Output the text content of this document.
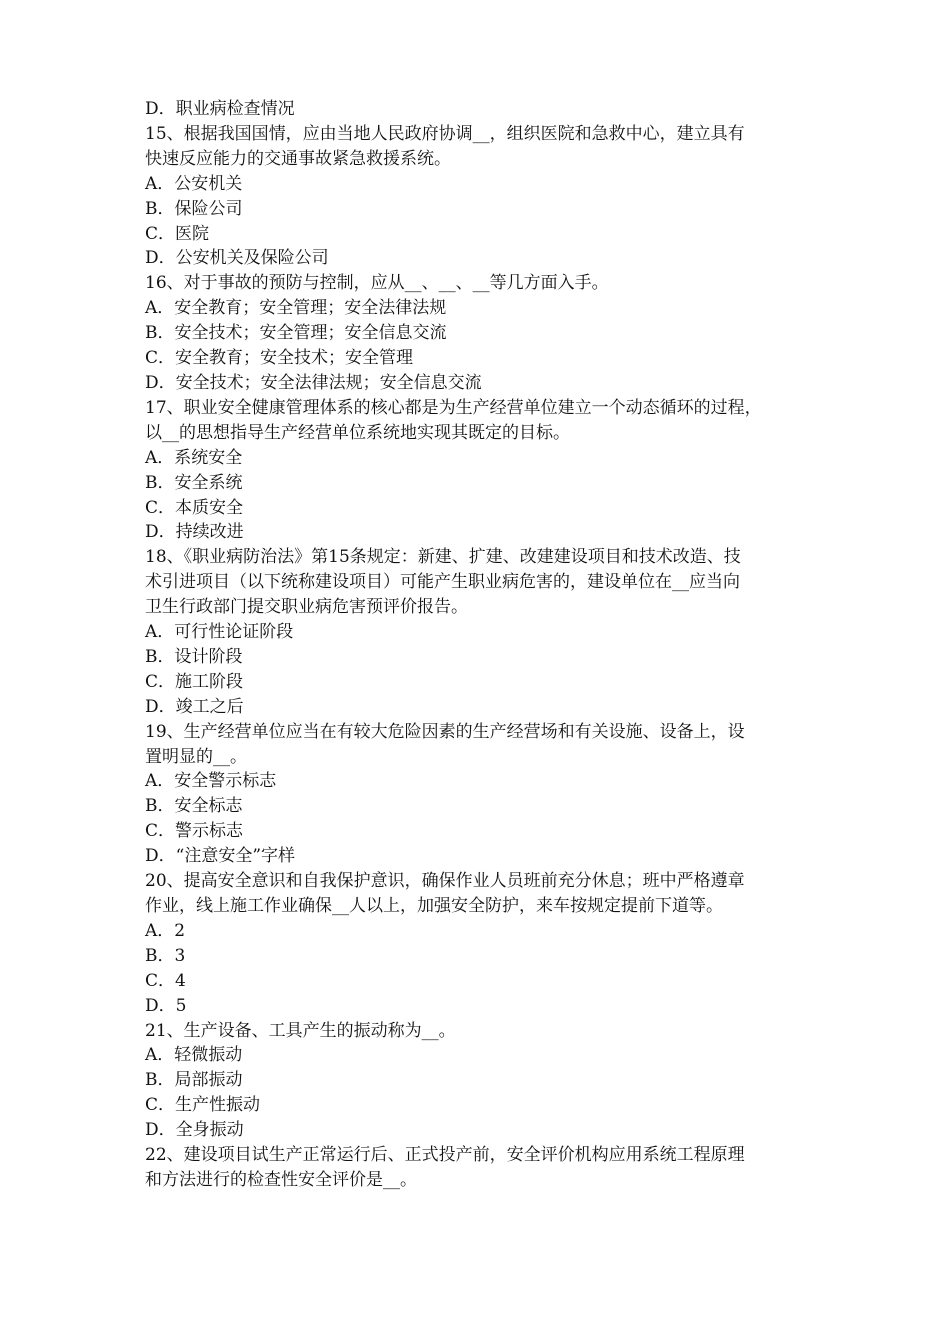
D．职业病检查情况
15、根据我国国情，应由当地人民政府协调__，组织医院和急救中心，建立具有
快速反应能力的交通事故紧急救援系统。
A．公安机关
B．保险公司
C．医院
D．公安机关及保险公司
16、对于事故的预防与控制，应从__、__、__等几方面入手。
A．安全教育；安全管理；安全法律法规
B．安全技术；安全管理；安全信息交流
C．安全教育；安全技术；安全管理
D．安全技术；安全法律法规；安全信息交流
17、职业安全健康管理体系的核心都是为生产经营单位建立一个动态循环的过程，
以__的思想指导生产经营单位系统地实现其既定的目标。
A．系统安全
B．安全系统
C．本质安全
D．持续改进
18、《职业病防治法》第15条规定：新建、扩建、改建建设项目和技术改造、技
术引进项目（以下统称建设项目）可能产生职业病危害的，建设单位在__应当向
卫生行政部门提交职业病危害预评价报告。
A．可行性论证阶段
B．设计阶段
C．施工阶段
D．竣工之后
19、生产经营单位应当在有较大危险因素的生产经营场和有关设施、设备上，设
置明显的__。
A．安全警示标志
B．安全标志
C．警示标志
D．“注意安全”字样
20、提高安全意识和自我保护意识，确保作业人员班前充分休息；班中严格遵章
作业，线上施工作业确保__人以上，加强安全防护，来车按规定提前下道等。
A．2
B．3
C．4
D．5
21、生产设备、工具产生的振动称为__。
A．轻微振动
B．局部振动
C．生产性振动
D．全身振动
22、建设项目试生产正常运行后、正式投产前，安全评价机构应用系统工程原理
和方法进行的检查性安全评价是__。
